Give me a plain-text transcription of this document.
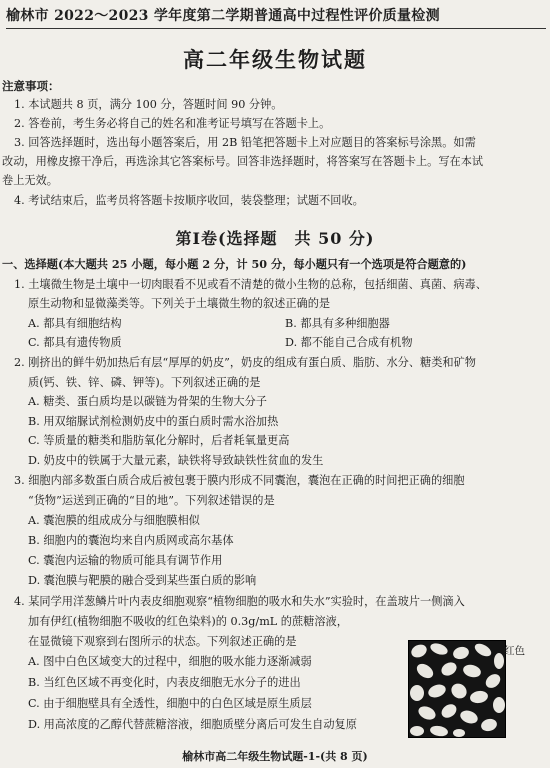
榆林市 2022～2023 学年度第二学期普通高中过程性评价质量检测
高二年级生物试题
注意事项：
1. 本试题共 8 页，满分 100 分，答题时间 90 分钟。
2. 答卷前，考生务必将自己的姓名和准考证号填写在答题卡上。
3. 回答选择题时，选出每小题答案后，用 2B 铅笔把答题卡上对应题目的答案标号涂黑。如需
改动，用橡皮擦干净后，再选涂其它答案标号。回答非选择题时，将答案写在答题卡上。写在本试
卷上无效。
4. 考试结束后，监考员将答题卡按顺序收回，装袋整理；试题不回收。
第Ⅰ卷(选择题　共 50 分)
一、选择题(本大题共 25 小题，每小题 2 分，计 50 分，每小题只有一个选项是符合题意的)
1. 土壤微生物是土壤中一切肉眼看不见或看不清楚的微小生物的总称，包括细菌、真菌、病毒、
原生动物和显微藻类等。下列关于土壤微生物的叙述正确的是
A. 都具有细胞结构	B. 都具有多种细胞器
C. 都具有遗传物质	D. 都不能自己合成有机物
2. 刚挤出的鲜牛奶加热后有层“厚厚的奶皮”，奶皮的组成有蛋白质、脂肪、水分、糖类和矿物
质(钙、铁、锌、磷、钾等)。下列叙述正确的是
A. 糖类、蛋白质均是以碳链为骨架的生物大分子
B. 用双缩脲试剂检测奶皮中的蛋白质时需水浴加热
C. 等质量的糖类和脂肪氧化分解时，后者耗氧量更高
D. 奶皮中的铁属于大量元素，缺铁将导致缺铁性贫血的发生
3. 细胞内部多数蛋白质合成后被包裹于膜内形成不同囊泡，囊泡在正确的时间把正确的细胞
“货物”运送到正确的“目的地”。下列叙述错误的是
A. 囊泡膜的组成成分与细胞膜相似
B. 细胞内的囊泡均来自内质网或高尔基体
C. 囊泡内运输的物质可能具有调节作用
D. 囊泡膜与靶膜的融合受到某些蛋白质的影响
4. 某同学用洋葱鳞片叶内表皮细胞观察“植物细胞的吸水和失水”实验时，在盖玻片一侧滴入
加有伊红(植物细胞不吸收的红色染料)的 0.3g/mL 的蔗糖溶液，
在显微镜下观察到右图所示的状态。下列叙述正确的是
A. 图中白色区域变大的过程中，细胞的吸水能力逐渐减弱
B. 当红色区域不再变化时，内表皮细胞无水分子的进出
C. 由于细胞壁具有全透性，细胞中的白色区域是原生质层
D. 用高浓度的乙醇代替蔗糖溶液，细胞质壁分离后可发生自动复原
红色
榆林市高二年级生物试题-1-(共 8 页)
